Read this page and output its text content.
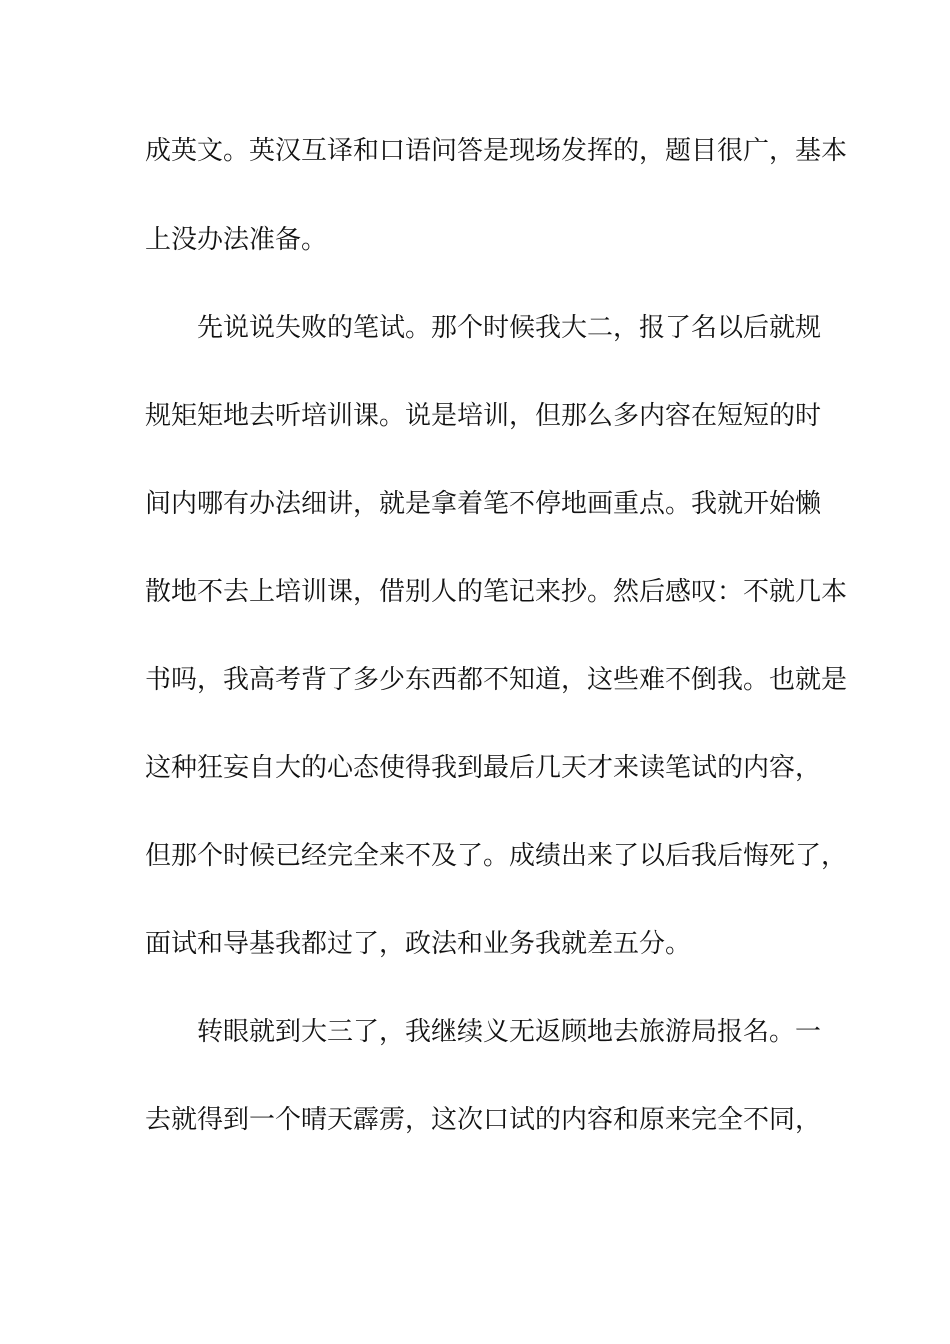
成英文。英汉互译和口语问答是现场发挥的，题目很广，基本
上没办法准备。
先说说失败的笔试。那个时候我大二，报了名以后就规
规矩矩地去听培训课。说是培训，但那么多内容在短短的时
间内哪有办法细讲，就是拿着笔不停地画重点。我就开始懒
散地不去上培训课，借别人的笔记来抄。然后感叹：不就几本
书吗，我高考背了多少东西都不知道，这些难不倒我。也就是
这种狂妄自大的心态使得我到最后几天才来读笔试的内容，
但那个时候已经完全来不及了。成绩出来了以后我后悔死了，
面试和导基我都过了，政法和业务我就差五分。
转眼就到大三了，我继续义无返顾地去旅游局报名。一
去就得到一个晴天霹雳，这次口试的内容和原来完全不同，
